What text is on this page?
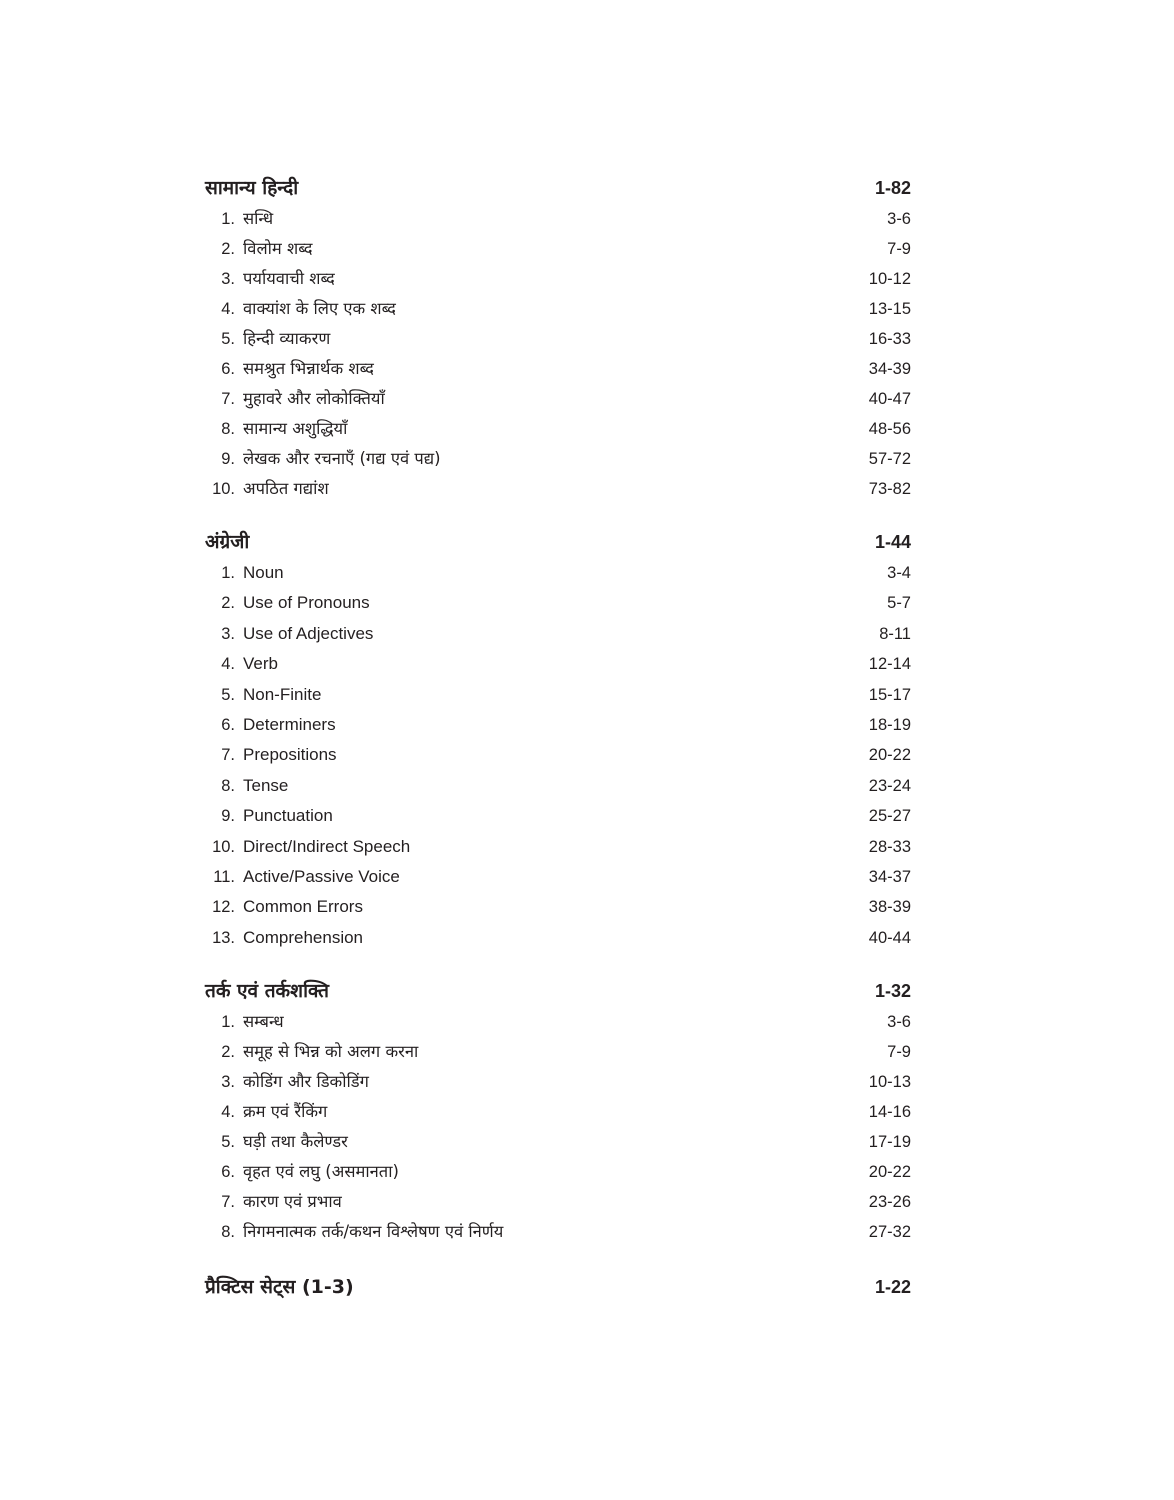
सामान्य हिन्दी	1-82
1. सन्धि	3-6
2. विलोम शब्द	7-9
3. पर्यायवाची शब्द	10-12
4. वाक्यांश के लिए एक शब्द	13-15
5. हिन्दी व्याकरण	16-33
6. समश्रुत भिन्नार्थक शब्द	34-39
7. मुहावरे और लोकोक्तियाँ	40-47
8. सामान्य अशुद्धियाँ	48-56
9. लेखक और रचनाएँ (गद्य एवं पद्य)	57-72
10. अपठित गद्यांश	73-82
अंग्रेजी	1-44
1. Noun	3-4
2. Use of Pronouns	5-7
3. Use of Adjectives	8-11
4. Verb	12-14
5. Non-Finite	15-17
6. Determiners	18-19
7. Prepositions	20-22
8. Tense	23-24
9. Punctuation	25-27
10. Direct/Indirect Speech	28-33
11. Active/Passive Voice	34-37
12. Common Errors	38-39
13. Comprehension	40-44
तर्क एवं तर्कशक्ति	1-32
1. सम्बन्ध	3-6
2. समूह से भिन्न को अलग करना	7-9
3. कोडिंग और डिकोडिंग	10-13
4. क्रम एवं रैंकिंग	14-16
5. घड़ी तथा कैलेण्डर	17-19
6. वृहत एवं लघु (असमानता)	20-22
7. कारण एवं प्रभाव	23-26
8. निगमनात्मक तर्क/कथन विश्लेषण एवं निर्णय	27-32
प्रैक्टिस सेट्स (1-3)	1-22
